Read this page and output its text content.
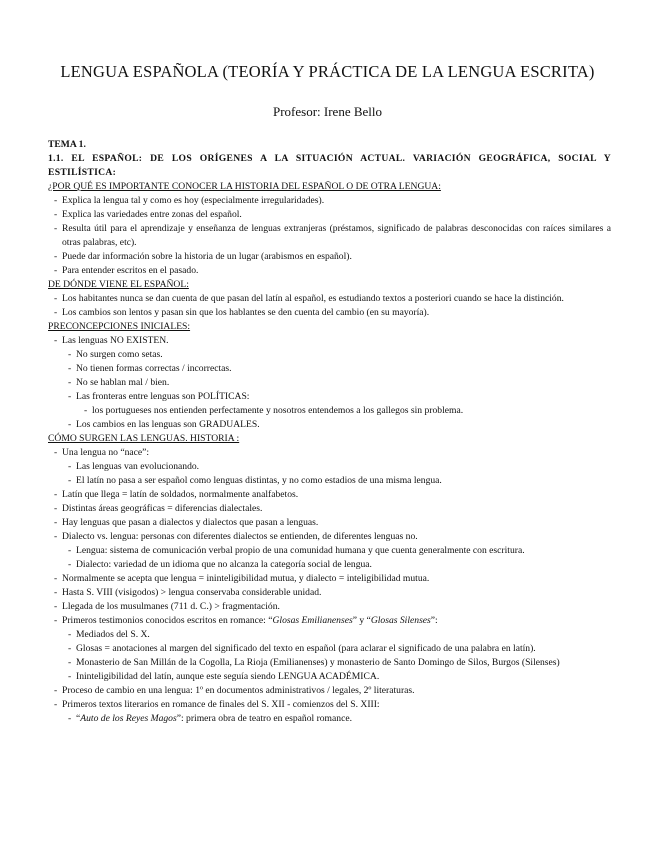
LENGUA ESPAÑOLA (TEORÍA Y PRÁCTICA DE LA LENGUA ESCRITA)
Profesor: Irene Bello
TEMA 1.
1.1. EL ESPAÑOL: DE LOS ORÍGENES A LA SITUACIÓN ACTUAL. VARIACIÓN GEOGRÁFICA, SOCIAL Y ESTILÍSTICA:
¿POR QUÉ ES IMPORTANTE CONOCER LA HISTORIA DEL ESPAÑOL O DE OTRA LENGUA:
- Explica la lengua tal y como es hoy (especialmente irregularidades).
- Explica las variedades entre zonas del español.
- Resulta útil para el aprendizaje y enseñanza de lenguas extranjeras (préstamos, significado de palabras desconocidas con raíces similares a otras palabras, etc).
- Puede dar información sobre la historia de un lugar (arabismos en español).
- Para entender escritos en el pasado.
DE DÓNDE VIENE EL ESPAÑOL:
- Los habitantes nunca se dan cuenta de que pasan del latín al español, es estudiando textos a posteriori cuando se hace la distinción.
- Los cambios son lentos y pasan sin que los hablantes se den cuenta del cambio (en su mayoría).
PRECONCEPCIONES INICIALES:
- Las lenguas NO EXISTEN.
- No surgen como setas.
- No tienen formas correctas / incorrectas.
- No se hablan mal / bien.
- Las fronteras entre lenguas son POLÍTICAS:
- los portugueses nos entienden perfectamente y nosotros entendemos a los gallegos sin problema.
- Los cambios en las lenguas son GRADUALES.
CÓMO SURGEN LAS LENGUAS. HISTORIA :
- Una lengua no “nace”:
- Las lenguas van evolucionando.
- El latín no pasa a ser español como lenguas distintas, y no como estadios de una misma lengua.
- Latín que llega = latín de soldados, normalmente analfabetos.
- Distintas áreas geográficas = diferencias dialectales.
- Hay lenguas que pasan a dialectos y dialectos que pasan a lenguas.
- Dialecto vs. lengua: personas con diferentes dialectos se entienden, de diferentes lenguas no.
- Lengua: sistema de comunicación verbal propio de una comunidad humana y que cuenta generalmente con escritura.
- Dialecto: variedad de un idioma que no alcanza la categoría social de lengua.
- Normalmente se acepta que lengua = ininteligibilidad mutua, y dialecto = inteligibilidad mutua.
- Hasta S. VIII (visigodos) > lengua conservaba considerable unidad.
- Llegada de los musulmanes (711 d. C.) > fragmentación.
- Primeros testimonios conocidos escritos en romance: “Glosas Emilianenses” y “Glosas Silenses”:
- Mediados del S. X.
- Glosas = anotaciones al margen del significado del texto en español (para aclarar el significado de una palabra en latín).
- Monasterio de San Millán de la Cogolla, La Rioja (Emilianenses) y monasterio de Santo Domingo de Silos, Burgos (Silenses)
- Ininteligibilidad del latín, aunque este seguía siendo LENGUA ACADÉMICA.
- Proceso de cambio en una lengua: 1º en documentos administrativos / legales, 2º literaturas.
- Primeros textos literarios en romance de finales del S. XII - comienzos del S. XIII:
- “Auto de los Reyes Magos”: primera obra de teatro en español romance.
